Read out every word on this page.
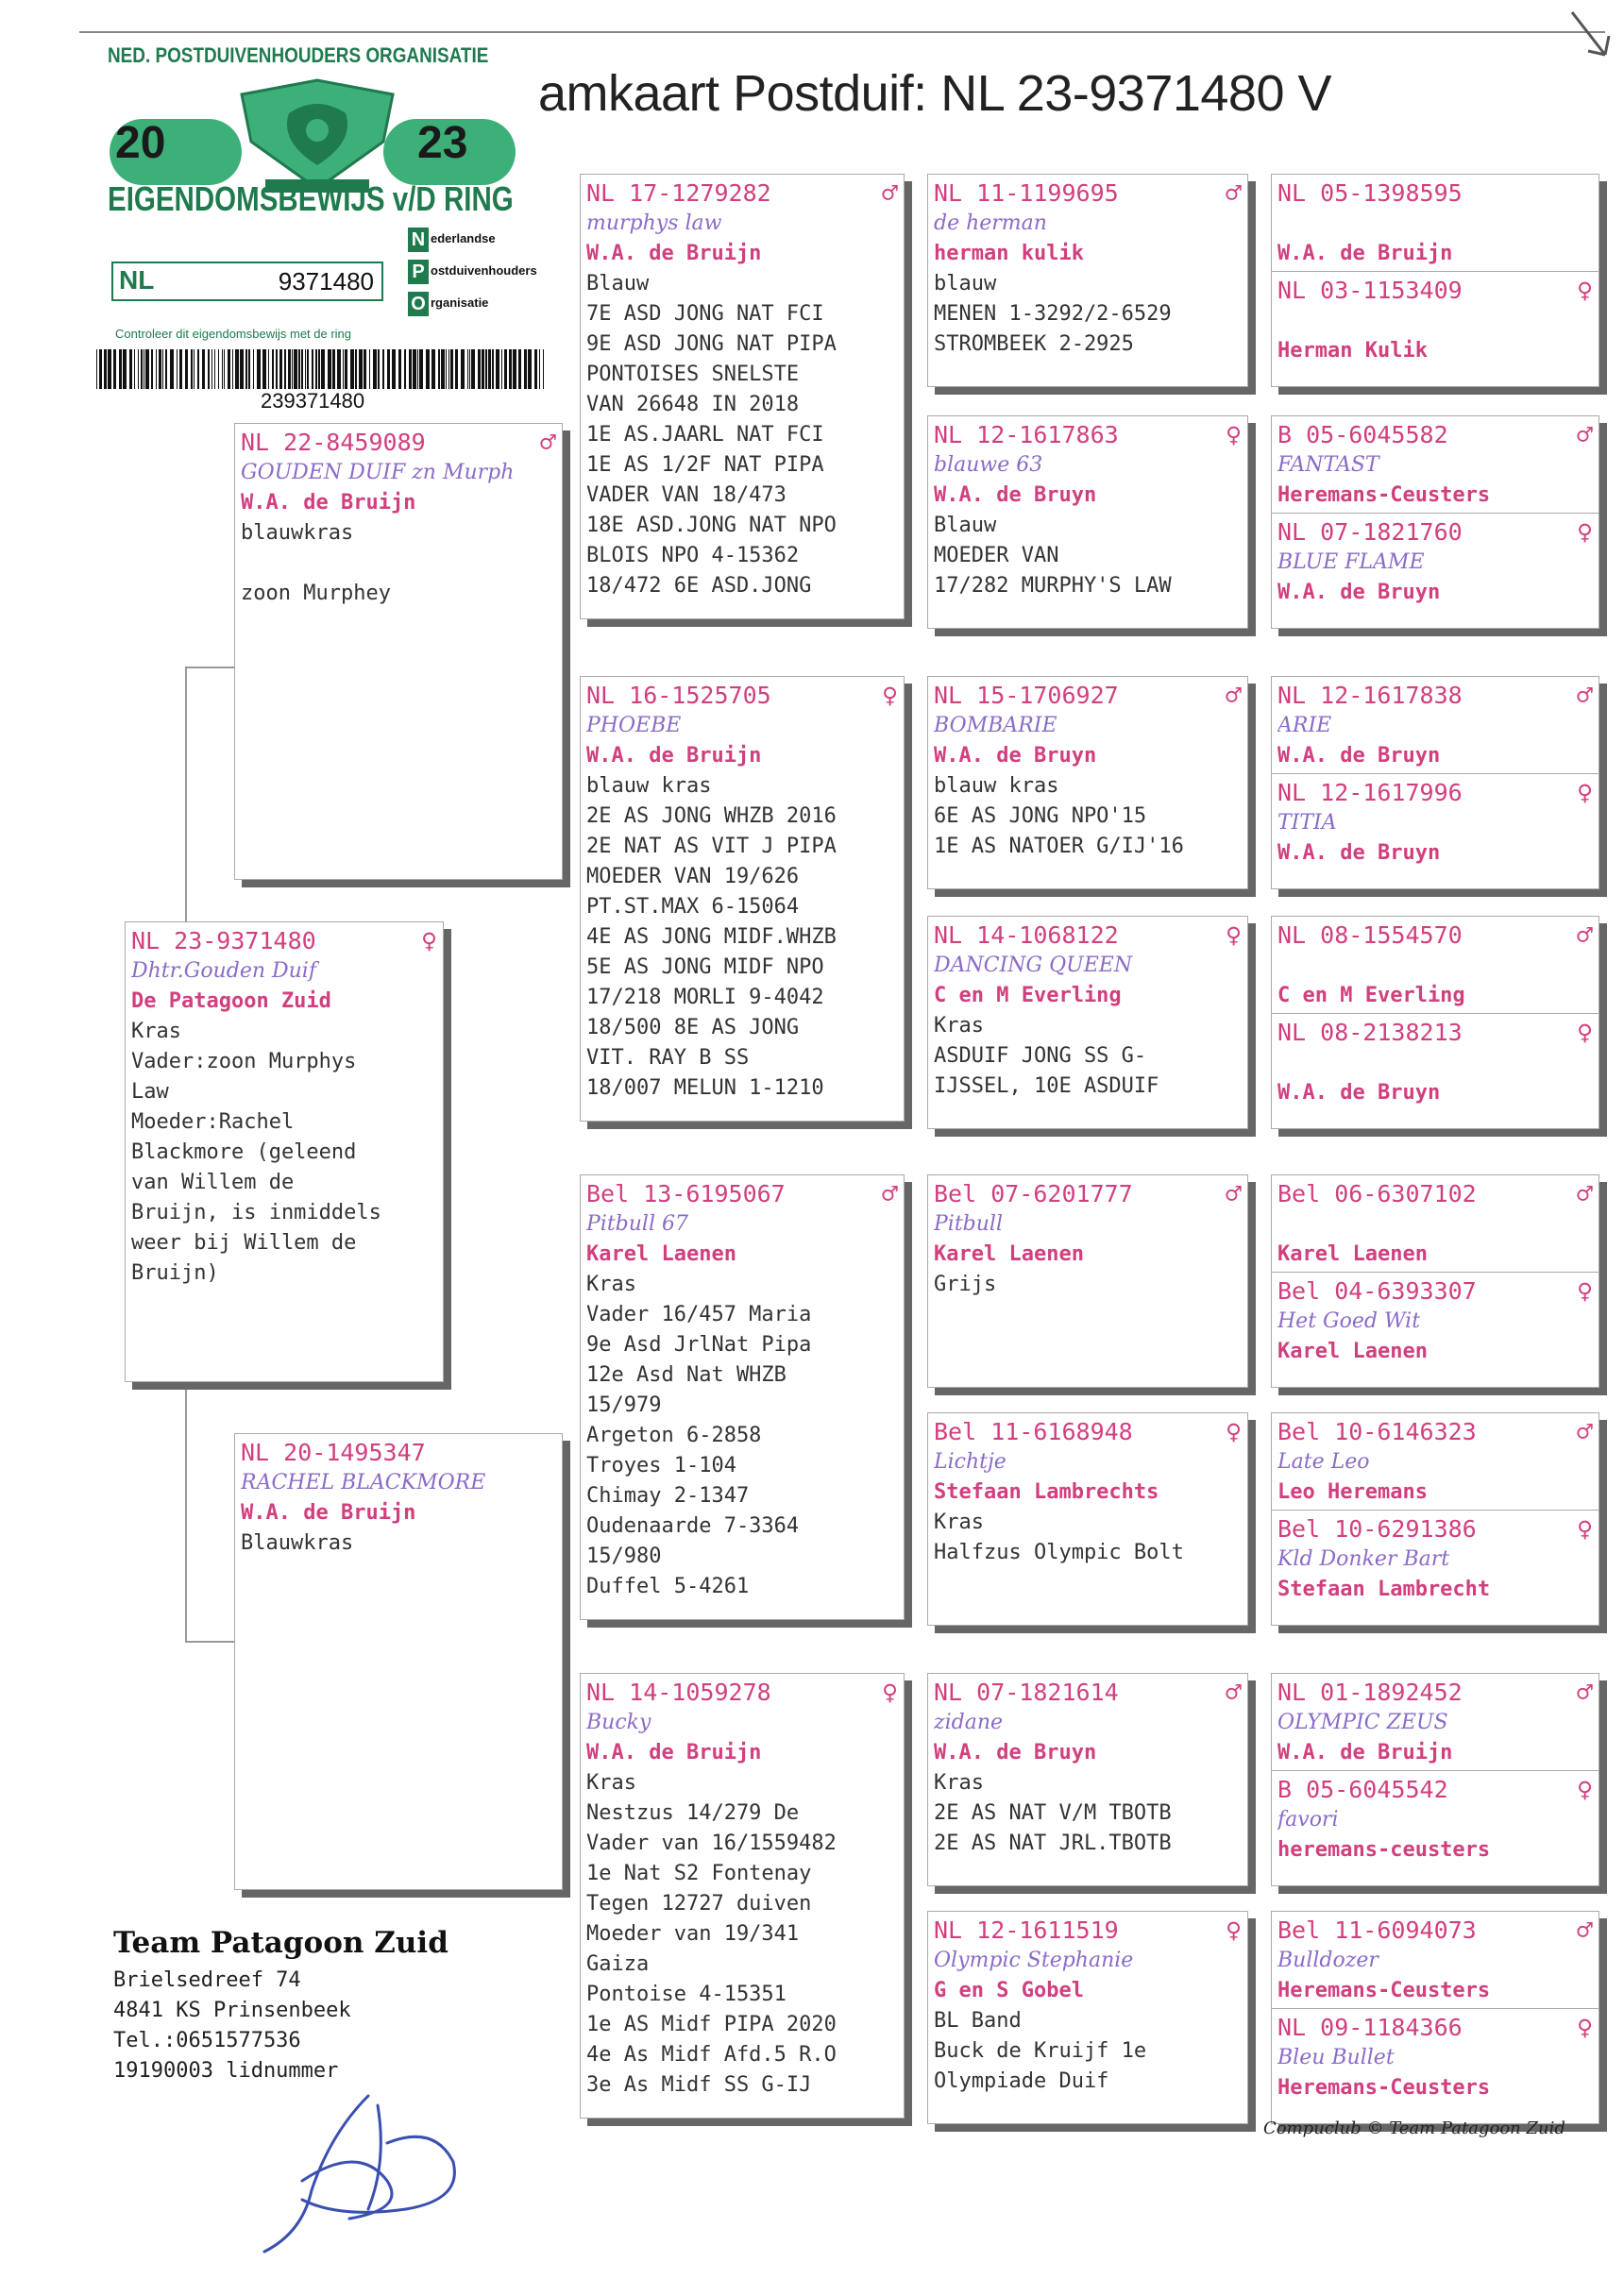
amkaart Postduif: NL 23-9371480 V
NED. POSTDUIVENHOUDERS ORGANISATIE
20	23
EIGENDOMSBEWIJS v/D RING
NL	9371480
N ederlandse
P ostduivenhouders
O rganisatie
Controleer dit eigendomsbewijs met de ring
239371480
NL 23-9371480	♀
Dhtr.Gouden Duif
De Patagoon Zuid
Kras
Vader:zoon Murphys
Law
Moeder:Rachel
Blackmore (geleend
van Willem de
Bruijn, is inmiddels
weer bij Willem de
Bruijn)
NL 22-8459089	♂
GOUDEN DUIF zn Murph
W.A. de Bruijn
blauwkras
zoon Murphey
NL 20-1495347
RACHEL BLACKMORE
W.A. de Bruijn
Blauwkras
NL 17-1279282	♂
murphys law
W.A. de Bruijn
Blauw
7E ASD JONG NAT FCI
9E ASD JONG NAT PIPA
PONTOISES SNELSTE
VAN 26648 IN 2018
1E AS.JAARL NAT FCI
1E AS 1/2F NAT PIPA
VADER VAN 18/473
18E ASD.JONG NAT NPO
BLOIS NPO 4-15362
18/472 6E ASD.JONG
NL 16-1525705	♀
PHOEBE
W.A. de Bruijn
blauw kras
2E AS JONG WHZB 2016
2E NAT AS VIT J PIPA
MOEDER VAN 19/626
PT.ST.MAX 6-15064
4E AS JONG MIDF.WHZB
5E AS JONG MIDF NPO
17/218 MORLI 9-4042
18/500 8E AS JONG
VIT. RAY B SS
18/007 MELUN 1-1210
Bel 13-6195067	♂
Pitbull 67
Karel Laenen
Kras
Vader 16/457 Maria
9e Asd JrlNat Pipa
12e Asd Nat WHZB
15/979
Argeton 6-2858
Troyes 1-104
Chimay 2-1347
Oudenaarde 7-3364
15/980
Duffel 5-4261
NL 14-1059278	♀
Bucky
W.A. de Bruijn
Kras
Nestzus 14/279 De
Vader van 16/1559482
1e Nat S2 Fontenay
Tegen 12727 duiven
Moeder van 19/341
Gaiza
Pontoise 4-15351
1e AS Midf PIPA 2020
4e As Midf Afd.5 R.O
3e As Midf SS G-IJ
NL 11-1199695	♂
de herman
herman kulik
blauw
MENEN 1-3292/2-6529
STROMBEEK 2-2925
NL 12-1617863	♀
blauwe 63
W.A. de Bruyn
Blauw
MOEDER VAN
17/282 MURPHY'S LAW
NL 15-1706927	♂
BOMBARIE
W.A. de Bruyn
blauw kras
6E AS JONG NPO'15
1E AS NATOER G/IJ'16
NL 14-1068122	♀
DANCING QUEEN
C en M Everling
Kras
ASDUIF JONG SS G-
IJSSEL, 10E ASDUIF
Bel 07-6201777	♂
Pitbull
Karel Laenen
Grijs
Bel 11-6168948	♀
Lichtje
Stefaan Lambrechts
Kras
Halfzus Olympic Bolt
NL 07-1821614	♂
zidane
W.A. de Bruyn
Kras
2E AS NAT V/M TBOTB
2E AS NAT JRL.TBOTB
NL 12-1611519	♀
Olympic Stephanie
G en S Gobel
BL Band
Buck de Kruijf 1e
Olympiade Duif
NL 05-1398595
W.A. de Bruijn
NL 03-1153409	♀
Herman Kulik
B 05-6045582	♂
FANTAST
Heremans-Ceusters
NL 07-1821760	♀
BLUE FLAME
W.A. de Bruyn
NL 12-1617838	♂
ARIE
W.A. de Bruyn
NL 12-1617996	♀
TITIA
W.A. de Bruyn
NL 08-1554570	♂
C en M Everling
NL 08-2138213	♀
W.A. de Bruyn
Bel 06-6307102	♂
Karel Laenen
Bel 04-6393307	♀
Het Goed Wit
Karel Laenen
Bel 10-6146323	♂
Late Leo
Leo Heremans
Bel 10-6291386	♀
Kld Donker Bart
Stefaan Lambrecht
NL 01-1892452	♂
OLYMPIC ZEUS
W.A. de Bruijn
B 05-6045542	♀
favori
heremans-ceusters
Bel 11-6094073	♂
Bulldozer
Heremans-Ceusters
NL 09-1184366	♀
Bleu Bullet
Heremans-Ceusters
Team Patagoon Zuid
Brielsedreef 74
4841 KS Prinsenbeek
Tel.:0651577536
19190003 lidnummer
Compuclub © Team Patagoon Zuid
